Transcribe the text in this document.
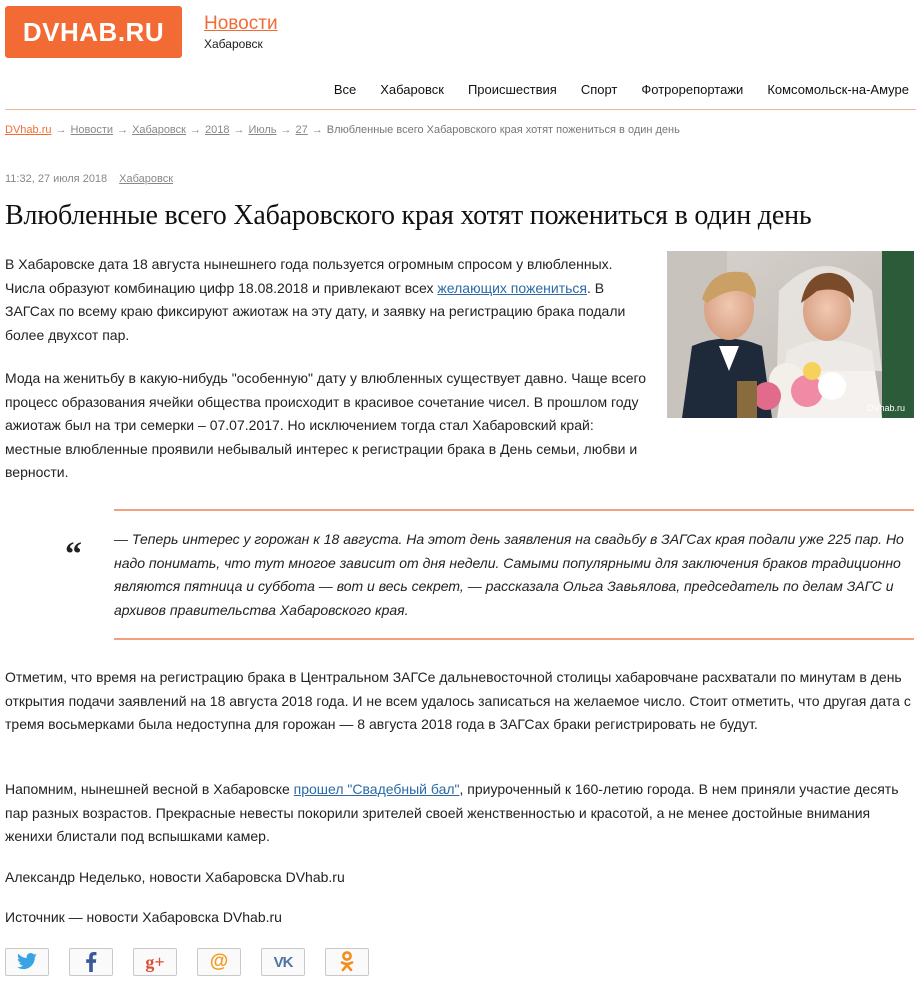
DVHAB.RU	Новости
Хабаровск
Все Хабаровск Происшествия Спорт Фотрорепортажи Комсомольск-на-Амуре
DVhab.ru → Новости → Хабаровск → 2018 → Июль → 27 → Влюбленные всего Хабаровского края хотят пожениться в один день
11:32, 27 июля 2018 Хабаровск
Влюбленные всего Хабаровского края хотят пожениться в один день
DVhab.ru

В Хабаровске дата 18 августа нынешнего года пользуется огромным спросом у влюбленных. Числа образуют комбинацию цифр 18.08.2018 и привлекают всех желающих пожениться. В ЗАГСах по всему краю фиксируют ажиотаж на эту дату, и заявку на регистрацию брака подали более двухсот пар.

Мода на женитьбу в какую-нибудь "особенную" дату у влюбленных существует давно. Чаще всего процесс образования ячейки общества происходит в красивое сочетание чисел. В прошлом году ажиотаж был на три семерки – 07.07.2017. Но исключением тогда стал Хабаровский край: местные влюбленные проявили небывалый интерес к регистрации брака в День семьи, любви и верности.

“ — Теперь интерес у горожан к 18 августа. На этот день заявления на свадьбу в ЗАГСах края подали уже 225 пар. Но надо понимать, что тут многое зависит от дня недели. Самыми популярными для заключения браков традиционно являются пятница и суббота — вот и весь секрет, — рассказала Ольга Завьялова, председатель по делам ЗАГС и архивов правительства Хабаровского края.

Отметим, что время на регистрацию брака в Центральном ЗАГСе дальневосточной столицы хабаровчане расхватали по минутам в день открытия подачи заявлений на 18 августа 2018 года. И не всем удалось записаться на желаемое число. Стоит отметить, что другая дата с тремя восьмерками была недоступна для горожан — 8 августа 2018 года в ЗАГСах браки регистрировать не будут.

Напомним, нынешней весной в Хабаровске прошел "Свадебный бал", приуроченный к 160-летию города. В нем приняли участие десять пар разных возрастов. Прекрасные невесты покорили зрителей своей женственностью и красотой, а не менее достойные внимания женихи блистали под вспышками камер.

Александр Неделько, новости Хабаровска DVhab.ru

Источник — новости Хабаровска DVhab.ru

g+ @	VK
